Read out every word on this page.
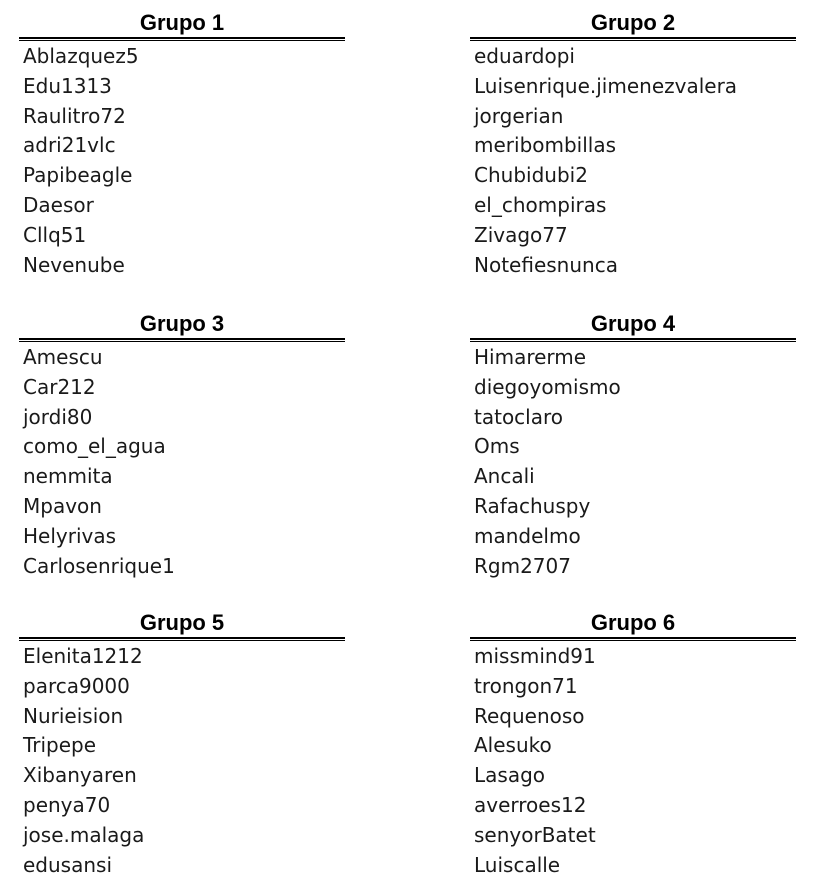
Grupo 1
Ablazquez5
Edu1313
Raulitro72
adri21vlc
Papibeagle
Daesor
Cllq51
Nevenube
Grupo 2
eduardopi
Luisenrique.jimenezvalera
jorgerian
meribombillas
Chubidubi2
el_chompiras
Zivago77
Notefiesnunca
Grupo 3
Amescu
Car212
jordi80
como_el_agua
nemmita
Mpavon
Helyrivas
Carlosenrique1
Grupo 4
Himarerme
diegoyomismo
tatoclaro
Oms
Ancali
Rafachuspy
mandelmo
Rgm2707
Grupo 5
Elenita1212
parca9000
Nurieision
Tripepe
Xibanyaren
penya70
jose.malaga
edusansi
Grupo 6
missmind91
trongon71
Requenoso
Alesuko
Lasago
averroes12
senyorBatet
Luiscalle
